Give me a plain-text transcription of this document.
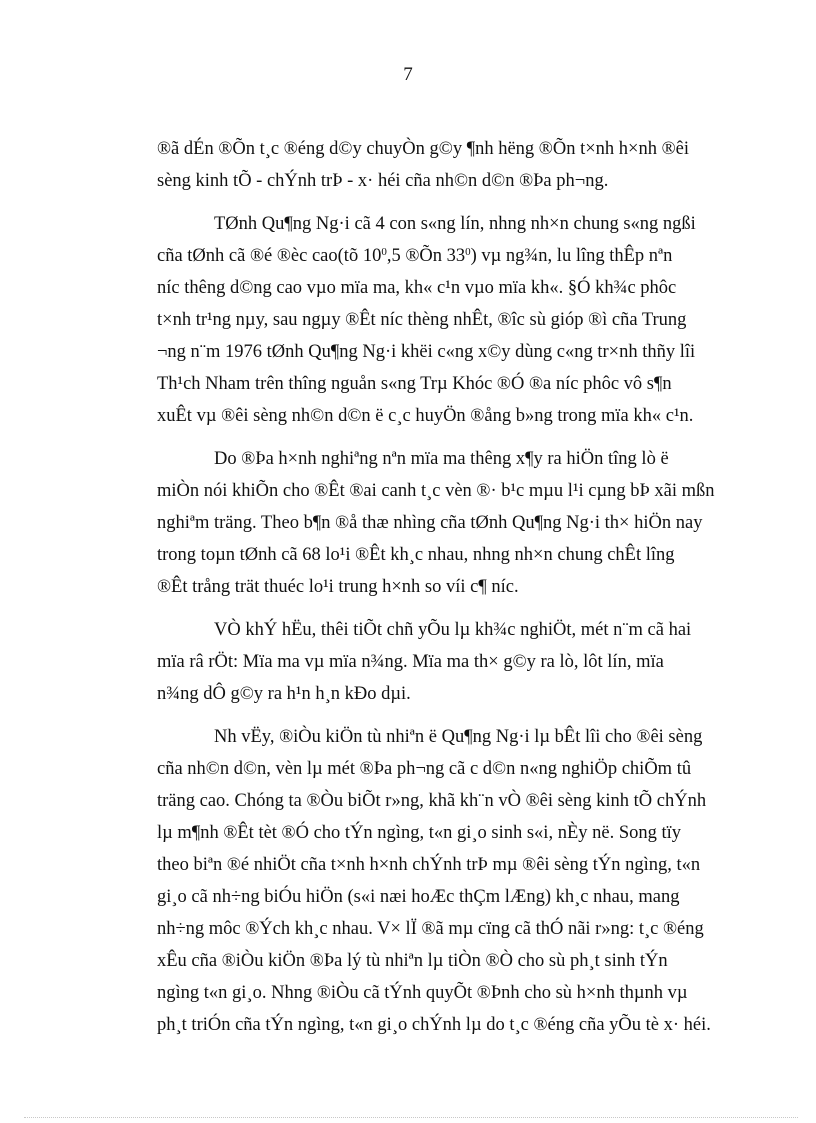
7

®ã dÉn ®Õn t¸c ®éng d©y chuyÒn g©y ¶nh hëng ®Õn t×nh h×nh ®êi
sèng kinh tÕ - chÝnh trÞ - x· héi cña nh©n d©n ®Þa ph¬ng.

TØnh Qu¶ng Ng·i cã 4 con s«ng lín, nhng nh×n chung s«ng ngßi
cña tØnh cã ®é ®èc cao(tõ $10^0,5$ ®Õn $33^0$) vµ ng¾n, lu lîng thÊp nªn
níc thêng d©ng cao vµo mïa ma, kh« c¹n vµo mïa kh«. §Ó kh¾c phôc
t×nh tr¹ng nµy, sau ngµy ®Êt níc thèng nhÊt, ®îc sù gióp ®ì cña Trung
¬ng n¨m 1976 tØnh Qu¶ng Ng·i khëi c«ng x©y dùng c«ng tr×nh thñy lîi
Th¹ch Nham trên thîng nguån s«ng Trµ Khóc ®Ó ®a níc phôc vô s¶n
xuÊt vµ ®êi sèng nh©n d©n ë c¸c huyÖn ®ång b»ng trong mïa kh« c¹n.

Do ®Þa h×nh nghiªng nªn mïa ma thêng x¶y ra hiÖn tîng lò ë
miÒn nói khiÕn cho ®Êt ®ai canh t¸c vèn ®· b¹c mµu l¹i cµng bÞ xãi mßn
nghiªm träng. Theo b¶n ®å thæ nhìng cña tØnh Qu¶ng Ng·i th× hiÖn nay
trong toµn tØnh cã 68 lo¹i ®Êt kh¸c nhau, nhng nh×n chung chÊt lîng
®Êt trång trät thuéc lo¹i trung h×nh so víi c¶ níc.

VÒ khÝ hËu, thêi tiÕt chñ yÕu lµ kh¾c nghiÖt, mét n¨m cã hai
mïa râ rÖt: Mïa ma vµ mïa n¾ng. Mïa ma th× g©y ra lò, lôt lín, mïa
n¾ng dÔ g©y ra h¹n h¸n kÐo dµi.

Nh vËy, ®iÒu kiÖn tù nhiªn ë Qu¶ng Ng·i lµ bÊt lîi cho ®êi sèng
cña nh©n d©n, vèn lµ mét ®Þa ph¬ng cã c d©n n«ng nghiÖp chiÕm tû
träng cao. Chóng ta ®Òu biÕt r»ng, khã kh¨n vÒ ®êi sèng kinh tÕ chÝnh
lµ m¶nh ®Êt tèt ®Ó cho tÝn ngìng, t«n gi¸o sinh s«i, nÈy në. Song tïy
theo biªn ®é nhiÖt cña t×nh h×nh chÝnh trÞ mµ ®êi sèng tÝn ngìng, t«n
gi¸o cã nh÷ng biÓu hiÖn (s«i næi hoÆc thÇm lÆng) kh¸c nhau, mang
nh÷ng môc ®Ých kh¸c nhau. V× lÏ ®ã mµ cïng cã thÓ nãi r»ng: t¸c ®éng
xÊu cña ®iÒu kiÖn ®Þa lý tù nhiªn lµ tiÒn ®Ò cho sù ph¸t sinh tÝn
ngìng t«n gi¸o. Nhng ®iÒu cã tÝnh quyÕt ®Þnh cho sù h×nh thµnh vµ
ph¸t triÓn cña tÝn ngìng, t«n gi¸o chÝnh lµ do t¸c ®éng cña yÕu tè x· héi.
